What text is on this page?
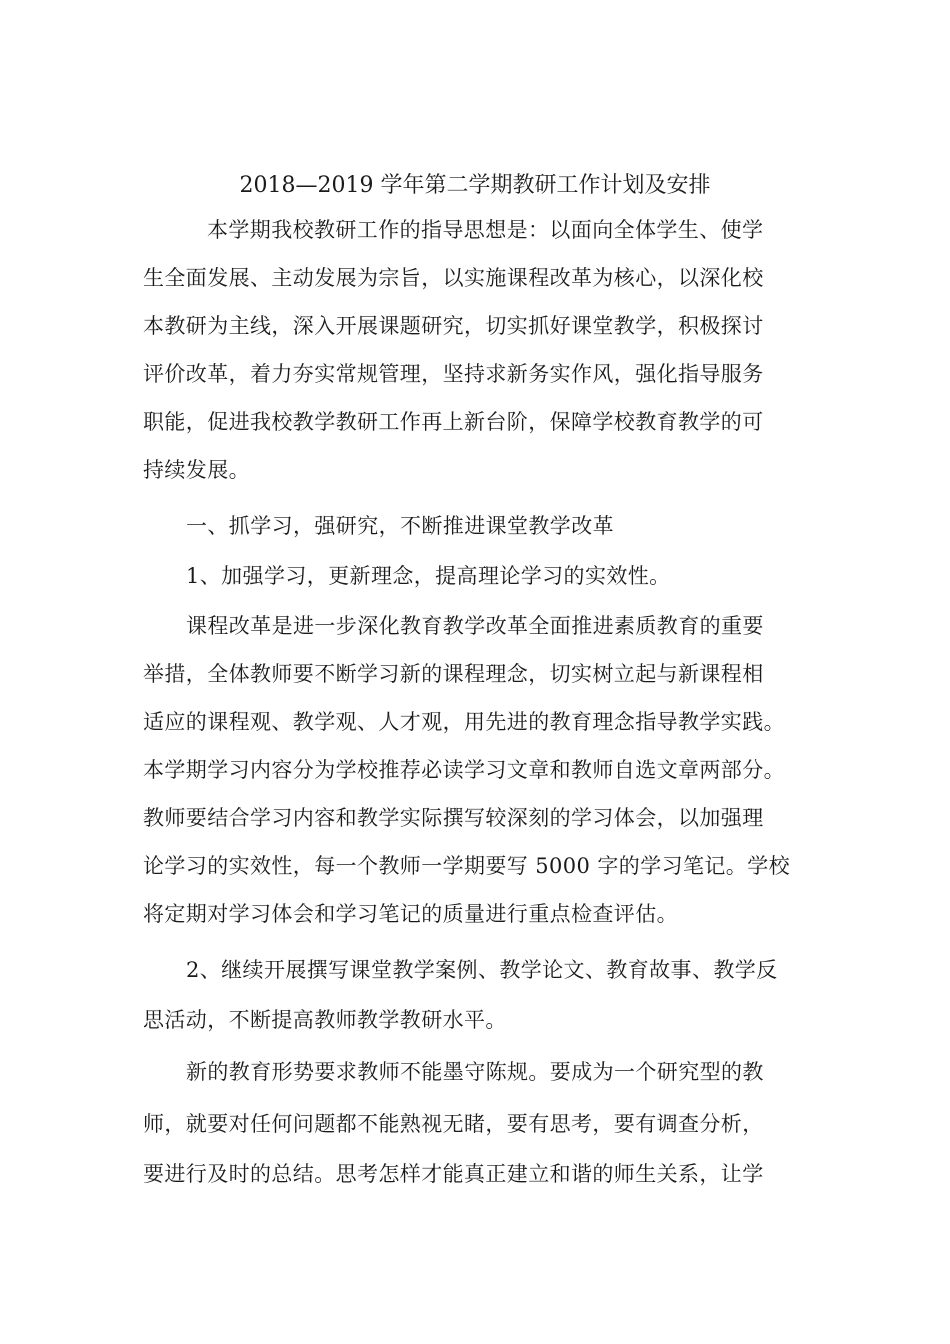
2018—2019 学年第二学期教研工作计划及安排
本学期我校教研工作的指导思想是：以面向全体学生、使学
生全面发展、主动发展为宗旨，以实施课程改革为核心，以深化校
本教研为主线，深入开展课题研究，切实抓好课堂教学，积极探讨
评价改革，着力夯实常规管理，坚持求新务实作风，强化指导服务
职能，促进我校教学教研工作再上新台阶，保障学校教育教学的可
持续发展。
一、抓学习，强研究，不断推进课堂教学改革
1、加强学习，更新理念，提高理论学习的实效性。
课程改革是进一步深化教育教学改革全面推进素质教育的重要
举措，全体教师要不断学习新的课程理念，切实树立起与新课程相
适应的课程观、教学观、人才观，用先进的教育理念指导教学实践。
本学期学习内容分为学校推荐必读学习文章和教师自选文章两部分。
教师要结合学习内容和教学实际撰写较深刻的学习体会，以加强理
论学习的实效性，每一个教师一学期要写 5000 字的学习笔记。学校
将定期对学习体会和学习笔记的质量进行重点检查评估。
2、继续开展撰写课堂教学案例、教学论文、教育故事、教学反
思活动，不断提高教师教学教研水平。
新的教育形势要求教师不能墨守陈规。要成为一个研究型的教
师，就要对任何问题都不能熟视无睹，要有思考，要有调查分析，
要进行及时的总结。思考怎样才能真正建立和谐的师生关系，让学
